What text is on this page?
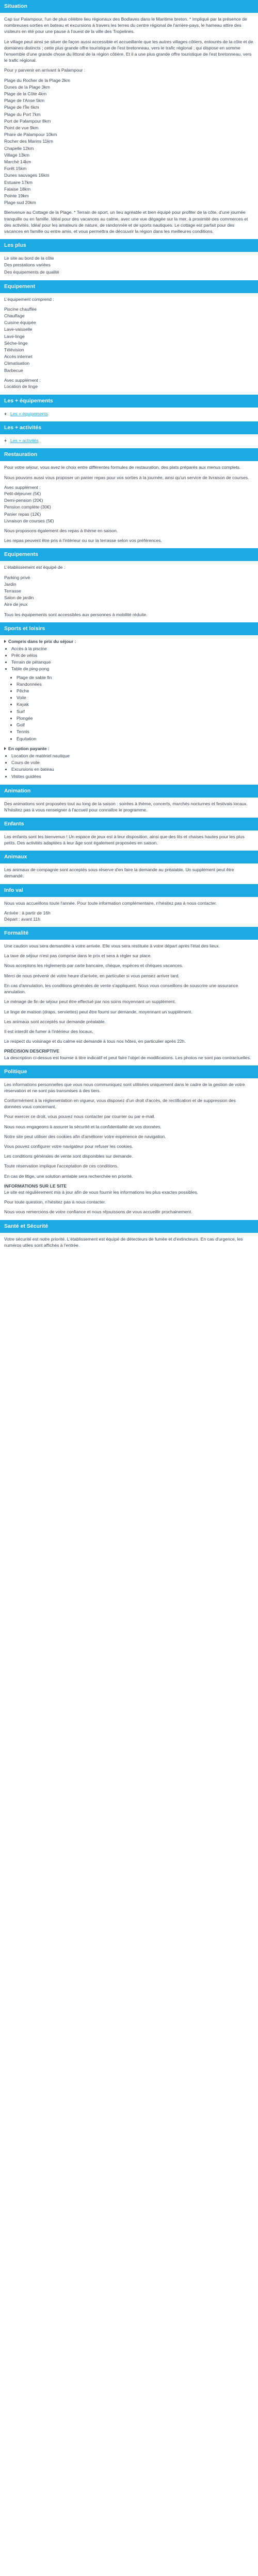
Situation

Cap sur Palampour, l'un de plus célèbre lieu régionaux des Bodlaves dans le Maritime breton. * Impliqué par la présence de nombreuses sorties en bateau et excursions à travers les terres du centre régional de l'arrière-pays, le hameau attire des visiteurs en été pour une pause à l'ouest de la ville des Tropelines.

Le village peut ainsi se situer de façon aussi accessible et accueillante que les autres villages côtiers, entourés de la côte et de domaines distincts ; cette plus grande offre touristique de l'est bretonneau, vers le trafic régional ; qui dispose en somme l'ensemble d'une grande chose du littoral de la région côtière. Et il a une plus grande offre touristique de l'est bretonneau, vers le trafic régional.

Pour y parvenir en arrivant à Palampour :

Plage du Rocher de la Plage 2km
Dunes de la Plage 3km
Plage de la Côte 4km
Plage de l'Anse 5km
Plage de l'Île 6km
Plage du Port 7km
Port de Palampour 8km
Point de vue 9km
Phare de Palampour 10km
Rocher des Marins 11km
Chapelle 12km
Village 13km
Marché 14km
Forêt 15km
Dunes sauvages 16km
Estuaire 17km
Falaise 18km
Pointe 19km
Plage sud 20km

Bienvenue au Cottage de la Plage. * Terrain de sport, un lieu agréable et bien équipé pour profiter de la côte, d'une journée tranquille ou en famille. Idéal pour des vacances au calme, avec une vue dégagée sur la mer, à proximité des commerces et des activités. Idéal pour les amateurs de nature, de randonnée et de sports nautiques. Le cottage est parfait pour des vacances en famille ou entre amis, et vous permettra de découvrir la région dans les meilleures conditions.

Les plus
Le site au bord de la côte
Des prestations variées
Des équipements de qualité
Equipement

L'équipement comprend :

Piscine chauffée
Chauffage
Cuisine équipée
Lave-vaisselle
Lave-linge
Sèche-linge
Télévision
Accès internet
Climatisation
Barbecue
Avec supplément :
Location de linge
Les + équipements
+ Les + équipements
Les + activités
+ Les + activités
Restauration

Pour votre séjour, vous avez le choix entre différentes formules de restauration, des plats préparés aux menus complets.

Nous pouvons aussi vous proposer un panier repas pour vos sorties à la journée, ainsi qu'un service de livraison de courses.

Avec supplément :
Petit-déjeuner (5€)
Demi-pension (20€)
Pension complète (30€)
Panier repas (12€)
Livraison de courses (5€)

Nous proposons également des repas à thème en saison.

Les repas peuvent être pris à l'intérieur ou sur la terrasse selon vos préférences.

Equipements

L'établissement est équipé de :

Parking privé
Jardin
Terrasse
Salon de jardin
Aire de jeux

Tous les équipements sont accessibles aux personnes à mobilité réduite.

Sports et loisirs
Compris dans le prix du séjour :
• Accès à la piscine
• Prêt de vélos
• Terrain de pétanque
• Table de ping-pong
• Plage de sable fin
• Randonnées
• Pêche
• Voile
• Kayak
• Surf
• Plongée
• Golf
• Tennis
• Équitation
En option payante :
• Location de matériel nautique
• Cours de voile
• Excursions en bateau
• Visites guidées
Animation

Des animations sont proposées tout au long de la saison : soirées à thème, concerts, marchés nocturnes et festivals locaux. N'hésitez pas à vous renseigner à l'accueil pour connaître le programme.

Enfants

Les enfants sont les bienvenus ! Un espace de jeux est à leur disposition, ainsi que des lits et chaises hautes pour les plus petits. Des activités adaptées à leur âge sont également proposées en saison.

Animaux

Les animaux de compagnie sont acceptés sous réserve d'en faire la demande au préalable. Un supplément peut être demandé.

Info val

Nous vous accueillons toute l'année. Pour toute information complémentaire, n'hésitez pas à nous contacter.

Arrivée : à partir de 16h
Départ : avant 11h
Formalité

Une caution vous sera demandée à votre arrivée. Elle vous sera restituée à votre départ après l'état des lieux.

La taxe de séjour n'est pas comprise dans le prix et sera à régler sur place.

Nous acceptons les règlements par carte bancaire, chèque, espèces et chèques vacances.

Merci de nous prévenir de votre heure d'arrivée, en particulier si vous pensez arriver tard.

En cas d'annulation, les conditions générales de vente s'appliquent. Nous vous conseillons de souscrire une assurance annulation.

Le ménage de fin de séjour peut être effectué par nos soins moyennant un supplément.

Le linge de maison (draps, serviettes) peut être fourni sur demande, moyennant un supplément.

Les animaux sont acceptés sur demande préalable.

Il est interdit de fumer à l'intérieur des locaux.

Le respect du voisinage et du calme est demandé à tous nos hôtes, en particulier après 22h.

PRÉCISION DESCRIPTIVE

La description ci-dessus est fournie à titre indicatif et peut faire l'objet de modifications. Les photos ne sont pas contractuelles.

Politique

Les informations personnelles que vous nous communiquez sont utilisées uniquement dans le cadre de la gestion de votre réservation et ne sont pas transmises à des tiers.

Conformément à la réglementation en vigueur, vous disposez d'un droit d'accès, de rectification et de suppression des données vous concernant.

Pour exercer ce droit, vous pouvez nous contacter par courrier ou par e-mail.

Nous nous engageons à assurer la sécurité et la confidentialité de vos données.

Notre site peut utiliser des cookies afin d'améliorer votre expérience de navigation.

Vous pouvez configurer votre navigateur pour refuser les cookies.

Les conditions générales de vente sont disponibles sur demande.

Toute réservation implique l'acceptation de ces conditions.

En cas de litige, une solution amiable sera recherchée en priorité.

INFORMATIONS SUR LE SITE

Le site est régulièrement mis à jour afin de vous fournir les informations les plus exactes possibles.

Pour toute question, n'hésitez pas à nous contacter.

Nous vous remercions de votre confiance et nous réjouissons de vous accueillir prochainement.

Santé et Sécurité

Votre sécurité est notre priorité. L'établissement est équipé de détecteurs de fumée et d'extincteurs. En cas d'urgence, les numéros utiles sont affichés à l'entrée.
